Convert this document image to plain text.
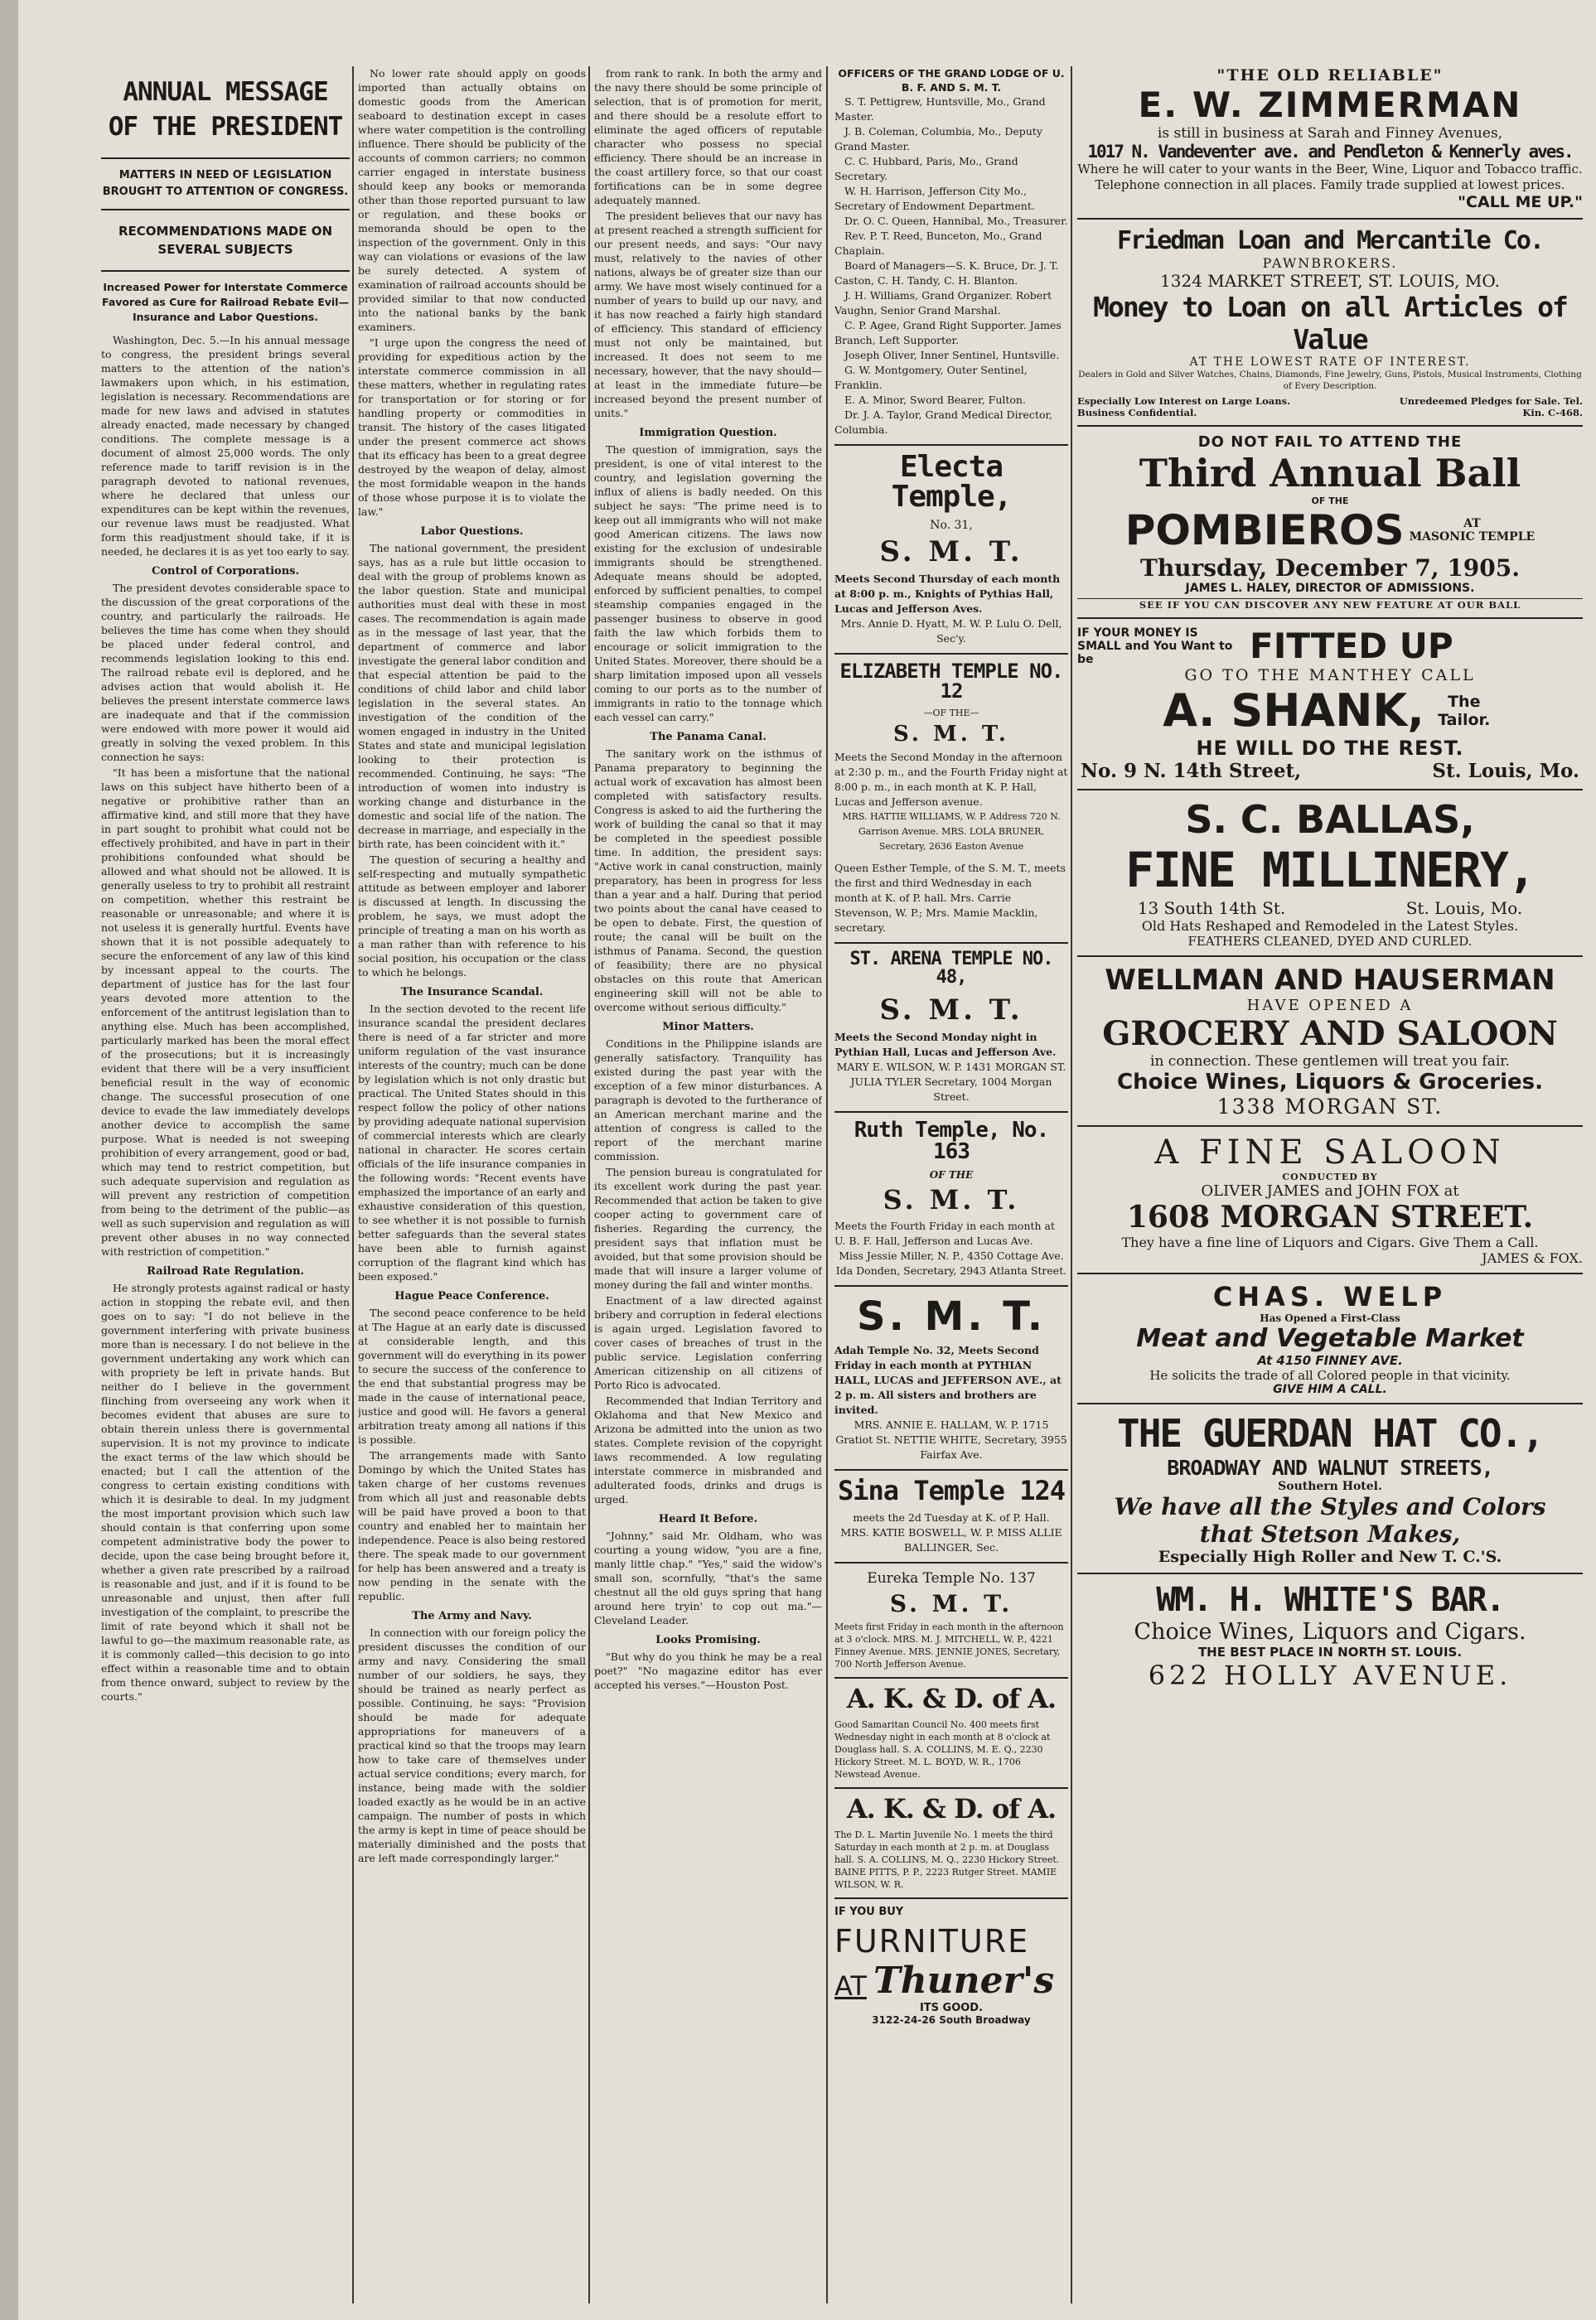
ANNUAL MESSAGE OF THE PRESIDENT
MATTERS IN NEED OF LEGISLATION BROUGHT TO ATTENTION OF CONGRESS.
RECOMMENDATIONS MADE ON SEVERAL SUBJECTS
Increased Power for Interstate Commerce Favored as Cure for Railroad Rebate Evil—Insurance and Labor Questions.

Washington, Dec. 5.—In his annual message to congress, the president brings several matters to the attention of the nation's lawmakers upon which, in his estimation, legislation is necessary. Recommendations are made for new laws and advised in statutes already enacted, made necessary by changed conditions. The complete message is a document of almost 25,000 words. The only reference made to tariff revision is in the paragraph devoted to national revenues, where he declared that unless our expenditures can be kept within the revenues, our revenue laws must be readjusted. What form this readjustment should take, if it is needed, he declares it is as yet too early to say.

Control of Corporations.

The president devotes considerable space to the discussion of the great corporations of the country, and particularly the railroads. He believes the time has come when they should be placed under federal control, and recommends legislation looking to this end. The railroad rebate evil is deplored, and he advises action that would abolish it. He believes the present interstate commerce laws are inadequate and that if the commission were endowed with more power it would aid greatly in solving the vexed problem. In this connection he says:

"It has been a misfortune that the national laws on this subject have hitherto been of a negative or prohibitive rather than an affirmative kind, and still more that they have in part sought to prohibit what could not be effectively prohibited, and have in part in their prohibitions confounded what should be allowed and what should not be allowed. It is generally useless to try to prohibit all restraint on competition, whether this restraint be reasonable or unreasonable; and where it is not useless it is generally hurtful. Events have shown that it is not possible adequately to secure the enforcement of any law of this kind by incessant appeal to the courts. The department of justice has for the last four years devoted more attention to the enforcement of the antitrust legislation than to anything else. Much has been accomplished, particularly marked has been the moral effect of the prosecutions; but it is increasingly evident that there will be a very insufficient beneficial result in the way of economic change. The successful prosecution of one device to evade the law immediately develops another device to accomplish the same purpose. What is needed is not sweeping prohibition of every arrangement, good or bad, which may tend to restrict competition, but such adequate supervision and regulation as will prevent any restriction of competition from being to the detriment of the public—as well as such supervision and regulation as will prevent other abuses in no way connected with restriction of competition."

Railroad Rate Regulation.

He strongly protests against radical or hasty action in stopping the rebate evil, and then goes on to say: "I do not believe in the government interfering with private business more than is necessary. I do not believe in the government undertaking any work which can with propriety be left in private hands. But neither do I believe in the government flinching from overseeing any work when it becomes evident that abuses are sure to obtain therein unless there is governmental supervision. It is not my province to indicate the exact terms of the law which should be enacted; but I call the attention of the congress to certain existing conditions with which it is desirable to deal. In my judgment the most important provision which such law should contain is that conferring upon some competent administrative body the power to decide, upon the case being brought before it, whether a given rate prescribed by a railroad is reasonable and just, and if it is found to be unreasonable and unjust, then after full investigation of the complaint, to prescribe the limit of rate beyond which it shall not be lawful to go—the maximum reasonable rate, as it is commonly called—this decision to go into effect within a reasonable time and to obtain from thence onward, subject to review by the courts."

No lower rate should apply on goods imported than actually obtains on domestic goods from the American seaboard to destination except in cases where water competition is the controlling influence. There should be publicity of the accounts of common carriers; no common carrier engaged in interstate business should keep any books or memoranda other than those reported pursuant to law or regulation, and these books or memoranda should be open to the inspection of the government. Only in this way can violations or evasions of the law be surely detected. A system of examination of railroad accounts should be provided similar to that now conducted into the national banks by the bank examiners.

"I urge upon the congress the need of providing for expeditious action by the interstate commerce commission in all these matters, whether in regulating rates for transportation or for storing or for handling property or commodities in transit. The history of the cases litigated under the present commerce act shows that its efficacy has been to a great degree destroyed by the weapon of delay, almost the most formidable weapon in the hands of those whose purpose it is to violate the law."

Labor Questions.

The national government, the president says, has as a rule but little occasion to deal with the group of problems known as the labor question. State and municipal authorities must deal with these in most cases. The recommendation is again made as in the message of last year, that the department of commerce and labor investigate the general labor condition and that especial attention be paid to the conditions of child labor and child labor legislation in the several states. An investigation of the condition of the women engaged in industry in the United States and state and municipal legislation looking to their protection is recommended. Continuing, he says: "The introduction of women into industry is working change and disturbance in the domestic and social life of the nation. The decrease in marriage, and especially in the birth rate, has been coincident with it."

The question of securing a healthy and self-respecting and mutually sympathetic attitude as between employer and laborer is discussed at length. In discussing the problem, he says, we must adopt the principle of treating a man on his worth as a man rather than with reference to his social position, his occupation or the class to which he belongs.

The Insurance Scandal.

In the section devoted to the recent life insurance scandal the president declares there is need of a far stricter and more uniform regulation of the vast insurance interests of the country; much can be done by legislation which is not only drastic but practical. The United States should in this respect follow the policy of other nations by providing adequate national supervision of commercial interests which are clearly national in character. He scores certain officials of the life insurance companies in the following words: "Recent events have emphasized the importance of an early and exhaustive consideration of this question, to see whether it is not possible to furnish better safeguards than the several states have been able to furnish against corruption of the flagrant kind which has been exposed."

Hague Peace Conference.

The second peace conference to be held at The Hague at an early date is discussed at considerable length, and this government will do everything in its power to secure the success of the conference to the end that substantial progress may be made in the cause of international peace, justice and good will. He favors a general arbitration treaty among all nations if this is possible.

The arrangements made with Santo Domingo by which the United States has taken charge of her customs revenues from which all just and reasonable debts will be paid have proved a boon to that country and enabled her to maintain her independence. Peace is also being restored there. The speak made to our government for help has been answered and a treaty is now pending in the senate with the republic.

The Army and Navy.

In connection with our foreign policy the president discusses the condition of our army and navy. Considering the small number of our soldiers, he says, they should be trained as nearly perfect as possible. Continuing, he says: "Provision should be made for adequate appropriations for maneuvers of a practical kind so that the troops may learn how to take care of themselves under actual service conditions; every march, for instance, being made with the soldier loaded exactly as he would be in an active campaign. The number of posts in which the army is kept in time of peace should be materially diminished and the posts that are left made correspondingly larger."

from rank to rank. In both the army and the navy there should be some principle of selection, that is of promotion for merit, and there should be a resolute effort to eliminate the aged officers of reputable character who possess no special efficiency. There should be an increase in the coast artillery force, so that our coast fortifications can be in some degree adequately manned.

The president believes that our navy has at present reached a strength sufficient for our present needs, and says: "Our navy must, relatively to the navies of other nations, always be of greater size than our army. We have most wisely continued for a number of years to build up our navy, and it has now reached a fairly high standard of efficiency. This standard of efficiency must not only be maintained, but increased. It does not seem to me necessary, however, that the navy should—at least in the immediate future—be increased beyond the present number of units."

Immigration Question.

The question of immigration, says the president, is one of vital interest to the country, and legislation governing the influx of aliens is badly needed. On this subject he says: "The prime need is to keep out all immigrants who will not make good American citizens. The laws now existing for the exclusion of undesirable immigrants should be strengthened. Adequate means should be adopted, enforced by sufficient penalties, to compel steamship companies engaged in the passenger business to observe in good faith the law which forbids them to encourage or solicit immigration to the United States. Moreover, there should be a sharp limitation imposed upon all vessels coming to our ports as to the number of immigrants in ratio to the tonnage which each vessel can carry."

The Panama Canal.

The sanitary work on the isthmus of Panama preparatory to beginning the actual work of excavation has almost been completed with satisfactory results. Congress is asked to aid the furthering the work of building the canal so that it may be completed in the speediest possible time. In addition, the president says: "Active work in canal construction, mainly preparatory, has been in progress for less than a year and a half. During that period two points about the canal have ceased to be open to debate. First, the question of route; the canal will be built on the isthmus of Panama. Second, the question of feasibility; there are no physical obstacles on this route that American engineering skill will not be able to overcome without serious difficulty."

Minor Matters.

Conditions in the Philippine islands are generally satisfactory. Tranquility has existed during the past year with the exception of a few minor disturbances. A paragraph is devoted to the furtherance of an American merchant marine and the attention of congress is called to the report of the merchant marine commission.

The pension bureau is congratulated for its excellent work during the past year. Recommended that action be taken to give cooper acting to government care of fisheries. Regarding the currency, the president says that inflation must be avoided, but that some provision should be made that will insure a larger volume of money during the fall and winter months.

Enactment of a law directed against bribery and corruption in federal elections is again urged. Legislation favored to cover cases of breaches of trust in the public service. Legislation conferring American citizenship on all citizens of Porto Rico is advocated.

Recommended that Indian Territory and Oklahoma and that New Mexico and Arizona be admitted into the union as two states. Complete revision of the copyright laws recommended. A low regulating interstate commerce in misbranded and adulterated foods, drinks and drugs is urged.

Heard It Before.

"Johnny," said Mr. Oldham, who was courting a young widow, "you are a fine, manly little chap." "Yes," said the widow's small son, scornfully, "that's the same chestnut all the old guys spring that hang around here tryin' to cop out ma."—Cleveland Leader.

Looks Promising.

"But why do you think he may be a real poet?" "No magazine editor has ever accepted his verses."—Houston Post.

OFFICERS OF THE GRAND LODGE OF U. B. F. AND S. M. T.

S. T. Pettigrew, Huntsville, Mo., Grand Master.

J. B. Coleman, Columbia, Mo., Deputy Grand Master.

C. C. Hubbard, Paris, Mo., Grand Secretary.

W. H. Harrison, Jefferson City Mo., Secretary of Endowment Department.

Dr. O. C. Queen, Hannibal, Mo., Treasurer.

Rev. P. T. Reed, Bunceton, Mo., Grand Chaplain.

Board of Managers—S. K. Bruce, Dr. J. T. Caston, C. H. Tandy, C. H. Blanton.

J. H. Williams, Grand Organizer. Robert Vaughn, Senior Grand Marshal.

C. P. Agee, Grand Right Supporter. James Branch, Left Supporter.

Joseph Oliver, Inner Sentinel, Huntsville.

G. W. Montgomery, Outer Sentinel, Franklin.

E. A. Minor, Sword Bearer, Fulton.

Dr. J. A. Taylor, Grand Medical Director, Columbia.

Electa Temple,
No. 31,
S. M. T.

Meets Second Thursday of each month at 8:00 p. m., Knights of Pythias Hall, Lucas and Jefferson Aves.

Mrs. Annie D. Hyatt, M. W. P. Lulu O. Dell, Sec'y.

ELIZABETH TEMPLE NO. 12
—OF THE—
S. M. T.

Meets the Second Monday in the afternoon at 2:30 p. m., and the Fourth Friday night at 8:00 p. m., in each month at K. P. Hall, Lucas and Jefferson avenue.

MRS. HATTIE WILLIAMS, W. P. Address 720 N. Garrison Avenue. MRS. LOLA BRUNER, Secretary, 2636 Easton Avenue

Queen Esther Temple, of the S. M. T., meets the first and third Wednesday in each month at K. of P. hall. Mrs. Carrie Stevenson, W. P.; Mrs. Mamie Macklin, secretary.

ST. ARENA TEMPLE NO. 48,
S. M. T.

Meets the Second Monday night in Pythian Hall, Lucas and Jefferson Ave.

MARY E. WILSON, W. P. 1431 MORGAN ST.

JULIA TYLER Secretary, 1004 Morgan Street.

Ruth Temple, No. 163
OF THE
S. M. T.

Meets the Fourth Friday in each month at U. B. F. Hall, Jefferson and Lucas Ave.

Miss Jessie Miller, N. P., 4350 Cottage Ave. Ida Donden, Secretary, 2943 Atlanta Street.

S. M. T.

Adah Temple No. 32, Meets Second Friday in each month at PYTHIAN HALL, LUCAS and JEFFERSON AVE., at 2 p. m. All sisters and brothers are invited.

MRS. ANNIE E. HALLAM, W. P. 1715 Gratiot St. NETTIE WHITE, Secretary, 3955 Fairfax Ave.

Sina Temple 124

meets the 2d Tuesday at K. of P. Hall.

MRS. KATIE BOSWELL, W. P. MISS ALLIE BALLINGER, Sec.

Eureka Temple No. 137
S. M. T.

Meets first Friday in each month in the afternoon at 3 o'clock. MRS. M. J. MITCHELL, W. P., 4221 Finney Avenue. MRS. JENNIE JONES, Secretary, 700 North Jefferson Avenue.

A. K. & D. of A.

Good Samaritan Council No. 400 meets first Wednesday night in each month at 8 o'clock at Douglass hall. S. A. COLLINS, M. E. Q., 2230 Hickory Street. M. L. BOYD, W. R., 1706 Newstead Avenue.

A. K. & D. of A.

The D. L. Martin Juvenile No. 1 meets the third Saturday in each month at 2 p. m. at Douglass hall. S. A. COLLINS, M. Q., 2230 Hickory Street. BAINE PITTS, P. P., 2223 Rutger Street. MAMIE WILSON, W. R.

IF YOU BUY
FURNITURE
AT Thuner's
ITS GOOD.
3122-24-26 South Broadway
"THE OLD RELIABLE"
E. W. ZIMMERMAN
is still in business at Sarah and Finney Avenues,
1017 N. Vandeventer ave. and Pendleton & Kennerly aves.
Where he will cater to your wants in the Beer, Wine, Liquor and Tobacco traffic. Telephone connection in all places. Family trade supplied at lowest prices.
"CALL ME UP."
Friedman Loan and Mercantile Co.
PAWNBROKERS.
1324 MARKET STREET, ST. LOUIS, MO.
Money to Loan on all Articles of Value
AT THE LOWEST RATE OF INTEREST.
Dealers in Gold and Silver Watches, Chains, Diamonds, Fine Jewelry, Guns, Pistols, Musical Instruments, Clothing of Every Description.
Especially Low Interest on Large Loans. Business Confidential.
Unredeemed Pledges for Sale. Tel. Kin. C-468.
DO NOT FAIL TO ATTEND THE
Third Annual Ball
OF THE
POMBIEROS	AT
MASONIC TEMPLE
Thursday, December 7, 1905.
JAMES L. HALEY, DIRECTOR OF ADMISSIONS.
SEE IF YOU CAN DISCOVER ANY NEW FEATURE AT OUR BALL
IF YOUR MONEY IS SMALL and You Want to be	FITTED UP
GO TO THE MANTHEY CALL
A. SHANK,	The Tailor.
HE WILL DO THE REST.
No. 9 N. 14th Street,	St. Louis, Mo.
S. C. BALLAS,
FINE MILLINERY,
13 South 14th St.	St. Louis, Mo.
Old Hats Reshaped and Remodeled in the Latest Styles.
FEATHERS CLEANED, DYED AND CURLED.
WELLMAN AND HAUSERMAN
HAVE OPENED A
GROCERY AND SALOON
in connection. These gentlemen will treat you fair.
Choice Wines, Liquors & Groceries.
1338 MORGAN ST.
A FINE SALOON
CONDUCTED BY
OLIVER JAMES and JOHN FOX at
1608 MORGAN STREET.
They have a fine line of Liquors and Cigars. Give Them a Call.
JAMES & FOX.
CHAS. WELP
Has Opened a First-Class
Meat and Vegetable Market
At 4150 FINNEY AVE.
He solicits the trade of all Colored people in that vicinity.
GIVE HIM A CALL.
THE GUERDAN HAT CO.,
BROADWAY AND WALNUT STREETS,
Southern Hotel.
We have all the Styles and Colors
that Stetson Makes,
Especially High Roller and New T. C.'S.
WM. H. WHITE'S BAR.
Choice Wines, Liquors and Cigars.
THE BEST PLACE IN NORTH ST. LOUIS.
622 HOLLY AVENUE.
